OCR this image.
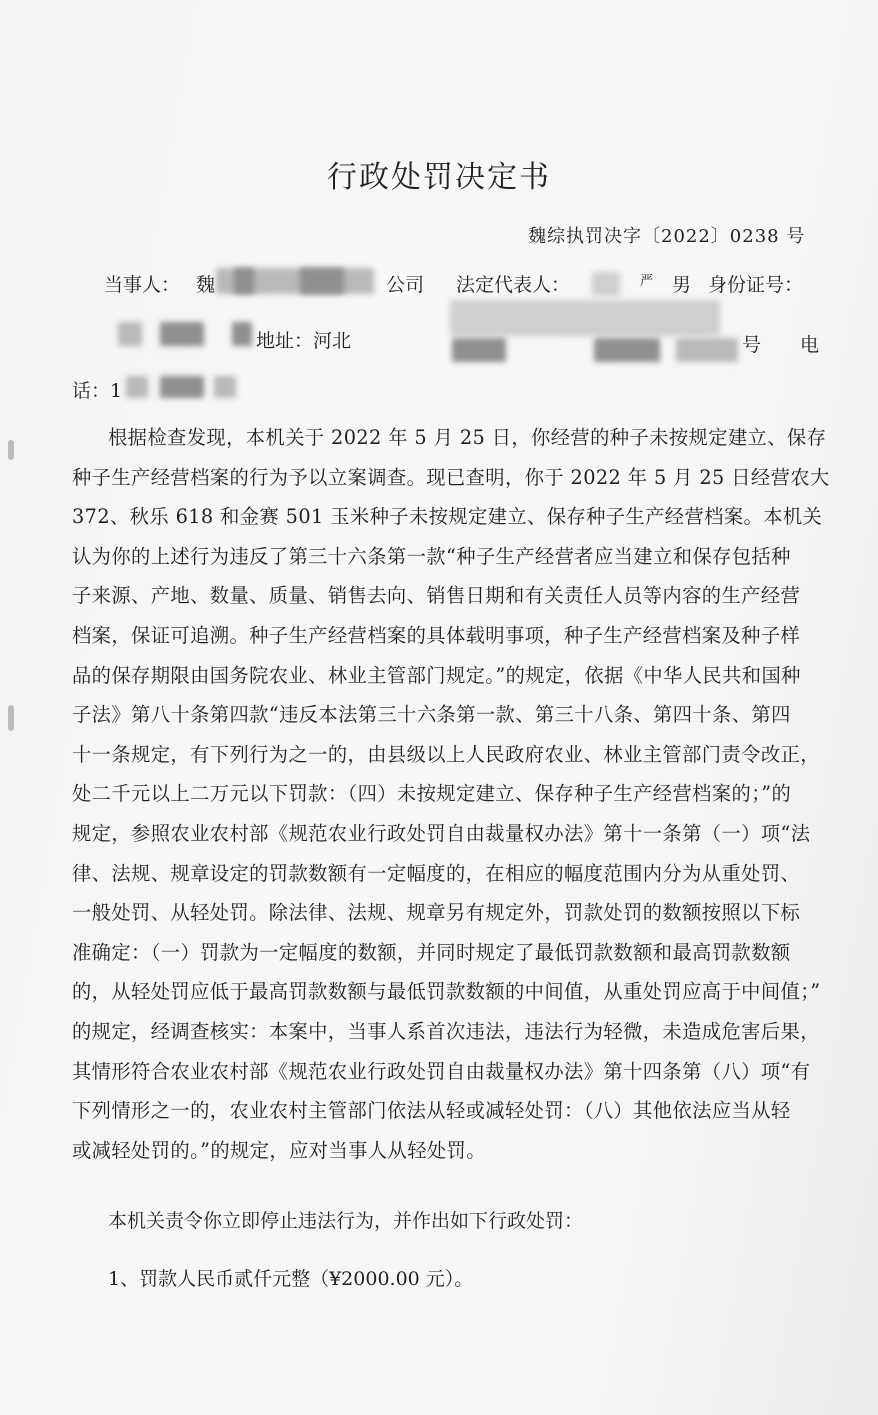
行政处罚决定书
魏综执罚决字〔2022〕0238 号
当事人： 魏	公司 法定代表人：	严 男 身份证号：
地址：河北	号 电
话：1
根据检查发现，本机关于 2022 年 5 月 25 日，你经营的种子未按规定建立、保存
种子生产经营档案的行为予以立案调查。现已查明，你于 2022 年 5 月 25 日经营农大
372、秋乐 618 和金赛 501 玉米种子未按规定建立、保存种子生产经营档案。本机关
认为你的上述行为违反了第三十六条第一款“种子生产经营者应当建立和保存包括种
子来源、产地、数量、质量、销售去向、销售日期和有关责任人员等内容的生产经营
档案，保证可追溯。种子生产经营档案的具体载明事项，种子生产经营档案及种子样
品的保存期限由国务院农业、林业主管部门规定。”的规定，依据《中华人民共和国种
子法》第八十条第四款“违反本法第三十六条第一款、第三十八条、第四十条、第四
十一条规定，有下列行为之一的，由县级以上人民政府农业、林业主管部门责令改正，
处二千元以上二万元以下罚款：（四）未按规定建立、保存种子生产经营档案的；”的
规定，参照农业农村部《规范农业行政处罚自由裁量权办法》第十一条第（一）项“法
律、法规、规章设定的罚款数额有一定幅度的，在相应的幅度范围内分为从重处罚、
一般处罚、从轻处罚。除法律、法规、规章另有规定外，罚款处罚的数额按照以下标
准确定：（一）罚款为一定幅度的数额，并同时规定了最低罚款数额和最高罚款数额
的，从轻处罚应低于最高罚款数额与最低罚款数额的中间值，从重处罚应高于中间值；”
的规定，经调查核实：本案中，当事人系首次违法，违法行为轻微，未造成危害后果，
其情形符合农业农村部《规范农业行政处罚自由裁量权办法》第十四条第（八）项“有
下列情形之一的，农业农村主管部门依法从轻或减轻处罚：（八）其他依法应当从轻
或减轻处罚的。”的规定，应对当事人从轻处罚。
本机关责令你立即停止违法行为，并作出如下行政处罚：
1、罚款人民币贰仟元整（¥2000.00 元）。
